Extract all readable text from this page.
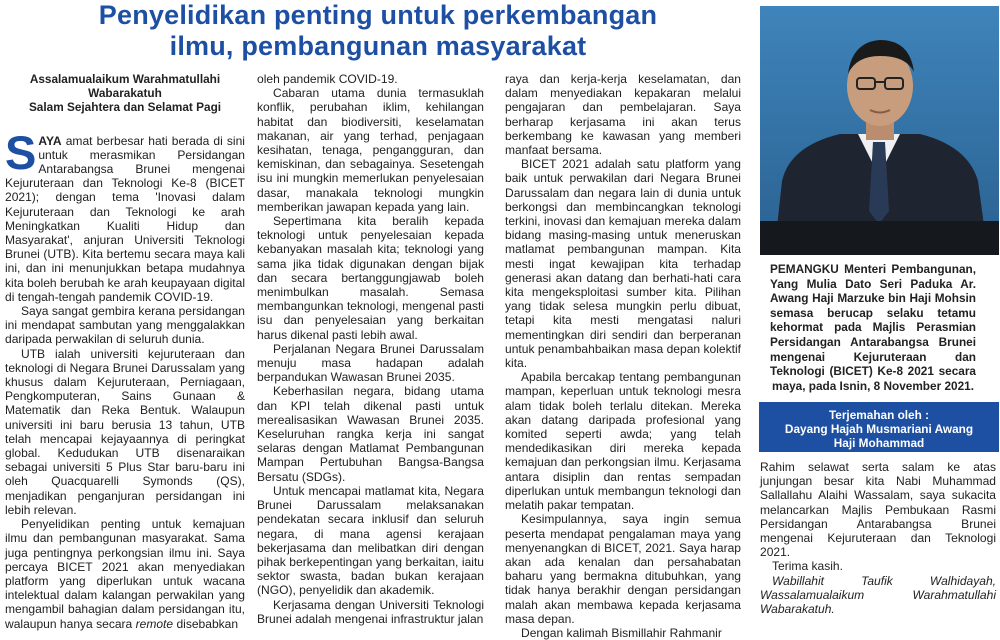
Penyelidikan penting untuk perkembangan
ilmu, pembangunan masyarakat
Assalamualaikum Warahmatullahi
Wabarakatuh
Salam Sejahtera dan Selamat Pagi

SAYA amat berbesar hati berada di sini untuk merasmikan Persidangan Antarabangsa Brunei mengenai Kejuruteraan dan Teknologi Ke-8 (BICET 2021); dengan tema 'Inovasi dalam Kejuruteraan dan Teknologi ke arah Meningkatkan Kualiti Hidup dan Masyarakat', anjuran Universiti Teknologi Brunei (UTB). Kita bertemu secara maya kali ini, dan ini menunjukkan betapa mudahnya kita boleh berubah ke arah keupayaan digital di tengah-tengah pandemik COVID-19.

Saya sangat gembira kerana persidangan ini mendapat sambutan yang menggalakkan daripada perwakilan di seluruh dunia.

UTB ialah universiti kejuruteraan dan teknologi di Negara Brunei Darussalam yang khusus dalam Kejuruteraan, Perniagaan, Pengkomputeran, Sains Gunaan & Matematik dan Reka Bentuk. Walaupun universiti ini baru berusia 13 tahun, UTB telah mencapai kejayaannya di peringkat global. Kedudukan UTB disenaraikan sebagai universiti 5 Plus Star baru-baru ini oleh Quacquarelli Symonds (QS), menjadikan penganjuran persidangan ini lebih relevan.

Penyelidikan penting untuk kemajuan ilmu dan pembangunan masyarakat. Sama juga pentingnya perkongsian ilmu ini. Saya percaya BICET 2021 akan menyediakan platform yang diperlukan untuk wacana intelektual dalam kalangan perwakilan yang mengambil bahagian dalam persidangan itu, walaupun hanya secara remote disebabkan

oleh pandemik COVID-19.

Cabaran utama dunia termasuklah konflik, perubahan iklim, kehilangan habitat dan biodiversiti, keselamatan makanan, air yang terhad, penjagaan kesihatan, tenaga, pengangguran, dan kemiskinan, dan sebagainya. Sesetengah isu ini mungkin memerlukan penyelesaian dasar, manakala teknologi mungkin memberikan jawapan kepada yang lain.

Sepertimana kita beralih kepada teknologi untuk penyelesaian kepada kebanyakan masalah kita; teknologi yang sama jika tidak digunakan dengan bijak dan secara bertanggungjawab boleh menimbulkan masalah. Semasa membangunkan teknologi, mengenal pasti isu dan penyelesaian yang berkaitan harus dikenal pasti lebih awal.

Perjalanan Negara Brunei Darussalam menuju masa hadapan adalah berpandukan Wawasan Brunei 2035.

Keberhasilan negara, bidang utama dan KPI telah dikenal pasti untuk merealisasikan Wawasan Brunei 2035. Keseluruhan rangka kerja ini sangat selaras dengan Matlamat Pembangunan Mampan Pertubuhan Bangsa-Bangsa Bersatu (SDGs).

Untuk mencapai matlamat kita, Negara Brunei Darussalam melaksanakan pendekatan secara inklusif dan seluruh negara, di mana agensi kerajaan bekerjasama dan melibatkan diri dengan pihak berkepentingan yang berkaitan, iaitu sektor swasta, badan bukan kerajaan (NGO), penyelidik dan akademik.

Kerjasama dengan Universiti Teknologi Brunei adalah mengenai infrastruktur jalan

raya dan kerja-kerja keselamatan, dan dalam menyediakan kepakaran melalui pengajaran dan pembelajaran. Saya berharap kerjasama ini akan terus berkembang ke kawasan yang memberi manfaat bersama.

BICET 2021 adalah satu platform yang baik untuk perwakilan dari Negara Brunei Darussalam dan negara lain di dunia untuk berkongsi dan membincangkan teknologi terkini, inovasi dan kemajuan mereka dalam bidang masing-masing untuk meneruskan matlamat pembangunan mampan. Kita mesti ingat kewajipan kita terhadap generasi akan datang dan berhati-hati cara kita mengeksploitasi sumber kita. Pilihan yang tidak selesa mungkin perlu dibuat, tetapi kita mesti mengatasi naluri mementingkan diri sendiri dan berperanan untuk penambahbaikan masa depan kolektif kita.

Apabila bercakap tentang pembangunan mampan, keperluan untuk teknologi mesra alam tidak boleh terlalu ditekan. Mereka akan datang daripada profesional yang komited seperti awda; yang telah mendedikasikan diri mereka kepada kemajuan dan perkongsian ilmu. Kerjasama antara disiplin dan rentas sempadan diperlukan untuk membangun teknologi dan melatih pakar tempatan.

Kesimpulannya, saya ingin semua peserta mendapat pengalaman maya yang menyenangkan di BICET, 2021. Saya harap akan ada kenalan dan persahabatan baharu yang bermakna ditubuhkan, yang tidak hanya berakhir dengan persidangan malah akan membawa kepada kerjasama masa depan.

Dengan kalimah Bismillahir Rahmanir

PEMANGKU Menteri Pembangunan, Yang Mulia Dato Seri Paduka Ar. Awang Haji Marzuke bin Haji Mohsin semasa berucap selaku tetamu kehormat pada Majlis Perasmian Persidangan Antarabangsa Brunei mengenai Kejuruteraan dan Teknologi (BICET) Ke-8 2021 secara maya, pada Isnin, 8 November 2021.
Terjemahan oleh :
Dayang Hajah Musmariani Awang
Haji Mohammad

Rahim selawat serta salam ke atas junjungan besar kita Nabi Muhammad Sallallahu Alaihi Wassalam, saya sukacita melancarkan Majlis Pembukaan Rasmi Persidangan Antarabangsa Brunei mengenai Kejuruteraan dan Teknologi 2021.

Terima kasih.

Wabillahit Taufik Walhidayah, Wassalamualaikum Warahmatullahi Wabarakatuh.
